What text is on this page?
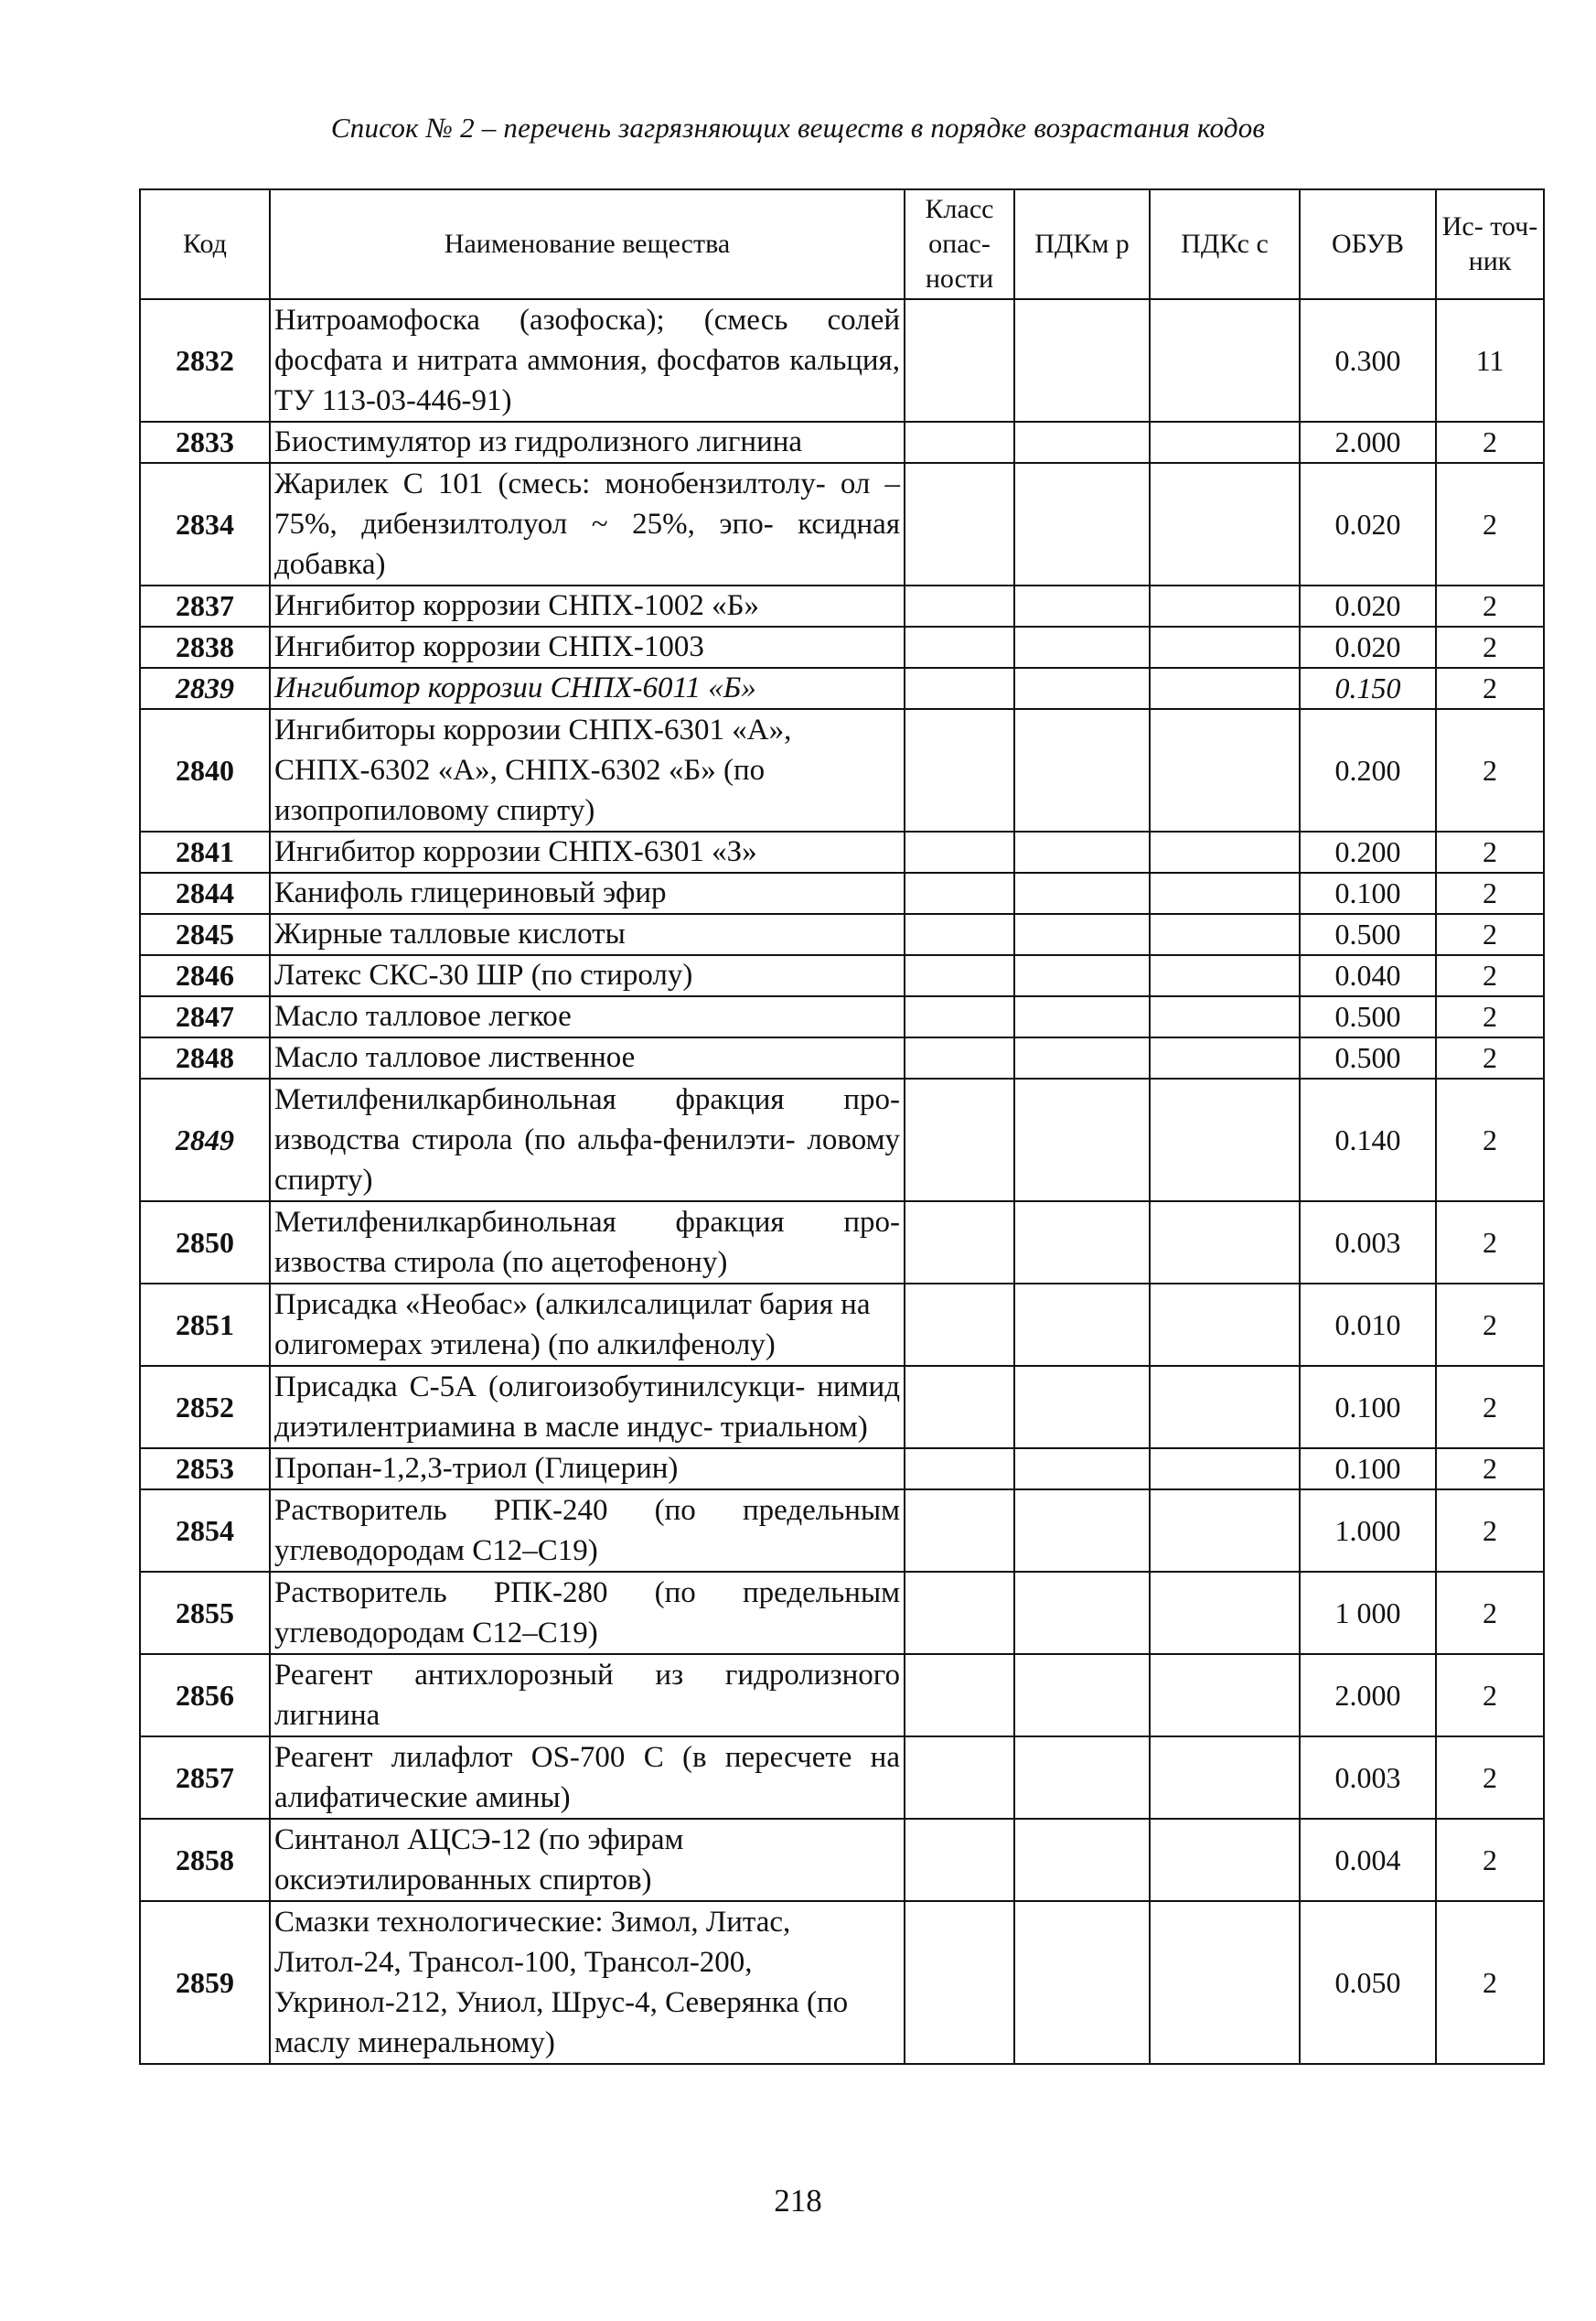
Список № 2 – перечень загрязняющих веществ в порядке возрастания кодов
Код	Наименование вещества	Класс опас- ности	ПДКм р	ПДКс с	ОБУВ	Ис- точ- ник
2832	Нитроамофоска (азофоска); (смесь солей фосфата и нитрата аммония, фосфатов кальция, ТУ 113-03-446-91)				0.300	11
2833	Биостимулятор из гидролизного лигнина				2.000	2
2834	Жарилек С 101 (смесь: монобензилтолу- ол – 75%, дибензилтолуол ~ 25%, эпо- ксидная добавка)				0.020	2
2837	Ингибитор коррозии СНПХ-1002 «Б»				0.020	2
2838	Ингибитор коррозии СНПХ-1003				0.020	2
2839	Ингибитор коррозии СНПХ-6011 «Б»				0.150	2
2840	Ингибиторы коррозии СНПХ-6301 «А», СНПХ-6302 «А», СНПХ-6302 «Б» (по изопропиловому спирту)				0.200	2
2841	Ингибитор коррозии СНПХ-6301 «З»				0.200	2
2844	Канифоль глицериновый эфир				0.100	2
2845	Жирные талловые кислоты				0.500	2
2846	Латекс СКС-30 ШР (по стиролу)				0.040	2
2847	Масло талловое легкое				0.500	2
2848	Масло талловое лиственное				0.500	2
2849	Метилфенилкарбинольная фракция про- изводства стирола (по альфа-фенилэти- ловому спирту)				0.140	2
2850	Метилфенилкарбинольная фракция про- извоства стирола (по ацетофенону)				0.003	2
2851	Присадка «Необас» (алкилсалицилат бария на олигомерах этилена) (по алкилфенолу)				0.010	2
2852	Присадка С-5А (олигоизобутинилсукци- нимид диэтилентриамина в масле индус- триальном)				0.100	2
2853	Пропан-1,2,3-триол (Глицерин)				0.100	2
2854	Растворитель РПК-240 (по предельным углеводородам С12–С19)				1.000	2
2855	Растворитель РПК-280 (по предельным углеводородам С12–С19)				1 000	2
2856	Реагент антихлорозный из гидролизного лигнина				2.000	2
2857	Реагент лилафлот OS-700 С (в пересчете на алифатические амины)				0.003	2
2858	Синтанол АЦСЭ-12 (по эфирам оксиэтилированных спиртов)				0.004	2
2859	Смазки технологические: Зимол, Литас, Литол-24, Трансол-100, Трансол-200, Укринол-212, Униол, Шрус-4, Северянка (по маслу минеральному)				0.050	2
218
